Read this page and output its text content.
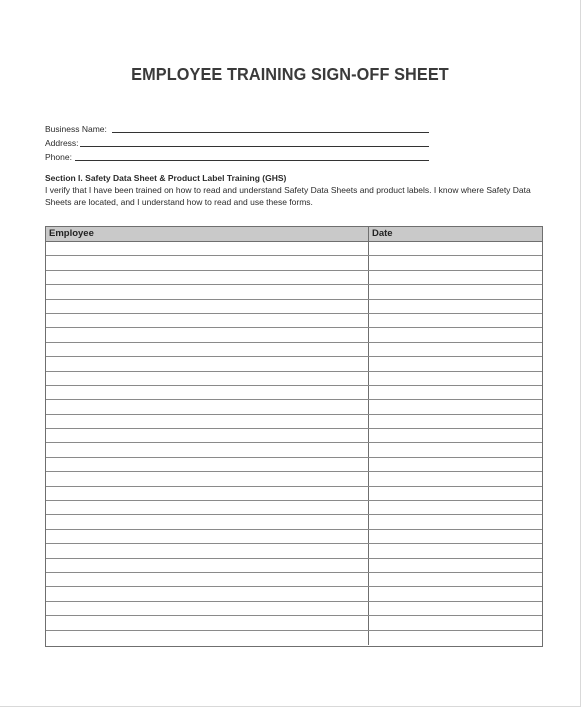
EMPLOYEE TRAINING SIGN-OFF SHEET
Business Name:
Address:
Phone:
Section I. Safety Data Sheet & Product Label Training (GHS)

I verify that I have been trained on how to read and understand Safety Data Sheets and product labels. I know where Safety Data Sheets are located, and I understand how to read and use these forms.

Employee	Date
